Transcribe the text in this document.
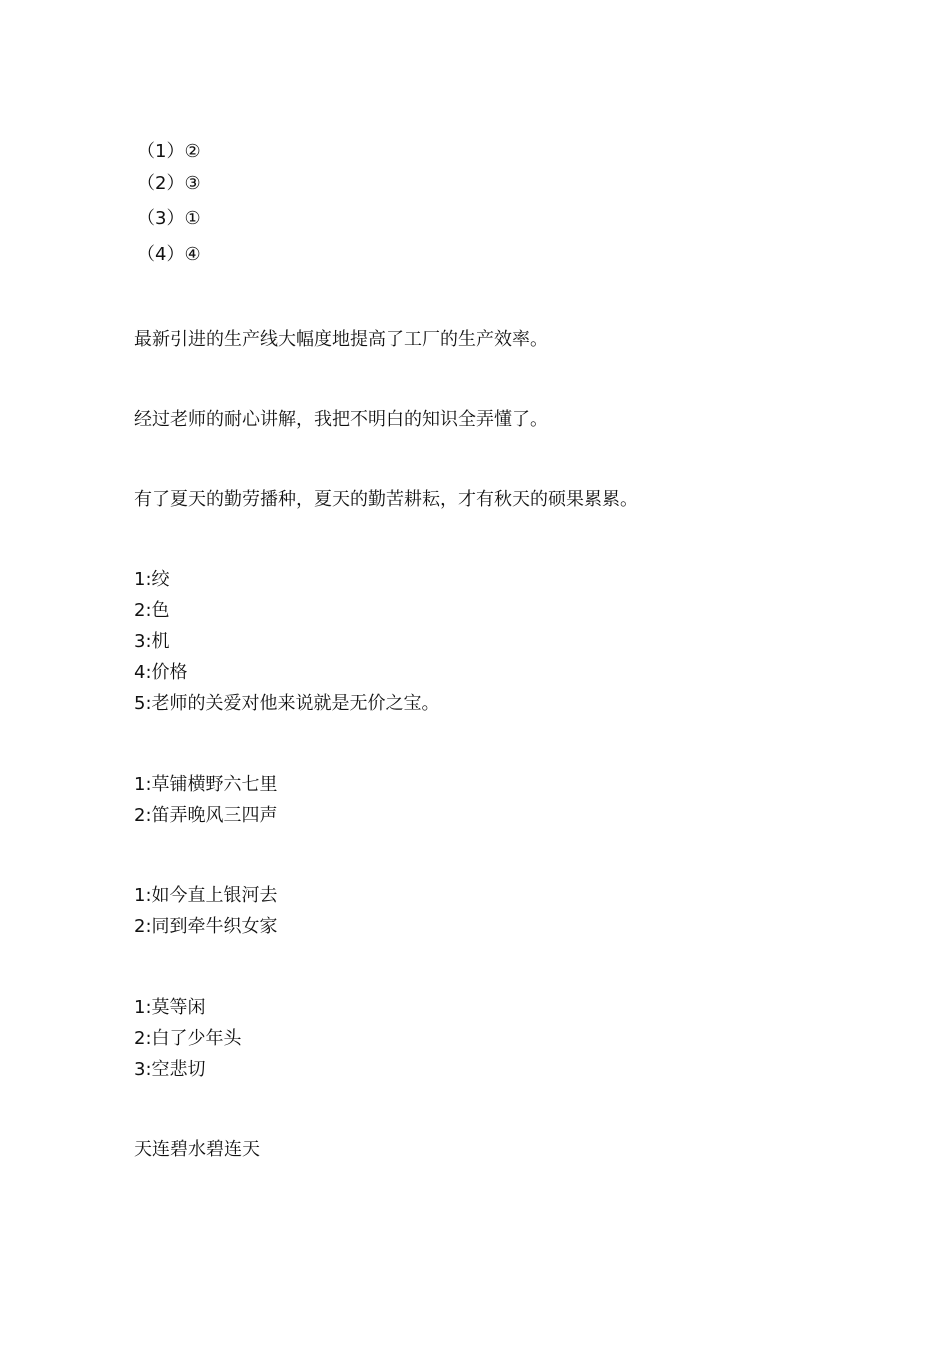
（1）②
（2）③
（3）①
（4）④
最新引进的生产线大幅度地提高了工厂的生产效率。
经过老师的耐心讲解，我把不明白的知识全弄懂了。
有了夏天的勤劳播种，夏天的勤苦耕耘，才有秋天的硕果累累。
1:绞
2:色
3:机
4:价格
5:老师的关爱对他来说就是无价之宝。
1:草铺横野六七里
2:笛弄晚风三四声
1:如今直上银河去
2:同到牵牛织女家
1:莫等闲
2:白了少年头
3:空悲切
天连碧水碧连天
